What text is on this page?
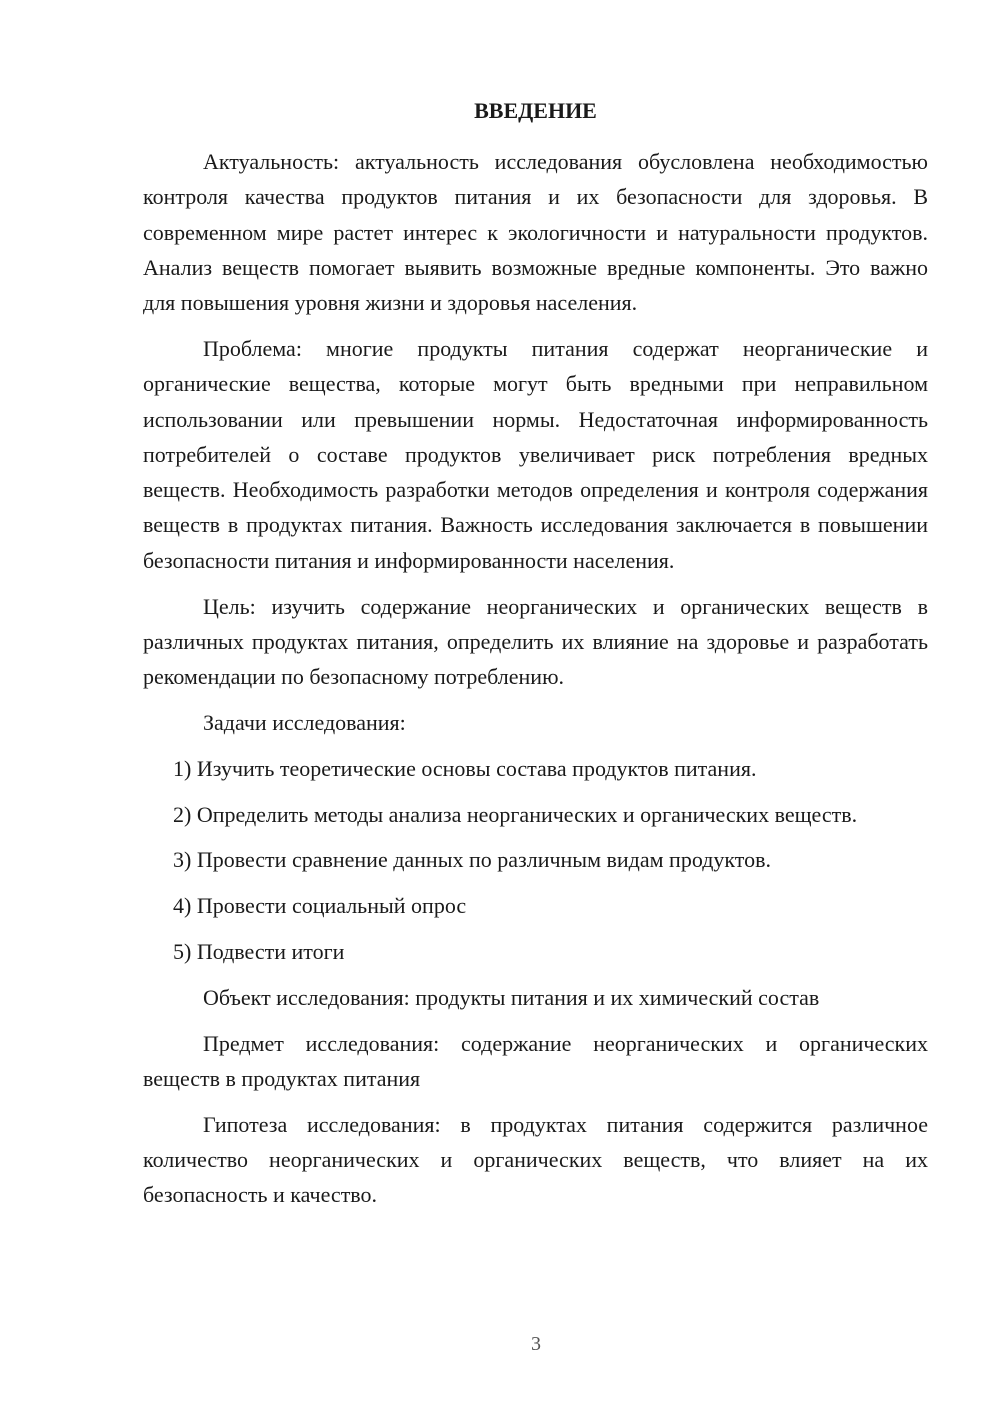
ВВЕДЕНИЕ

Актуальность: актуальность исследования обусловлена необходимостью контроля качества продуктов питания и их безопасности для здоровья. В современном мире растет интерес к экологичности и натуральности продуктов. Анализ веществ помогает выявить возможные вредные компоненты. Это важно для повышения уровня жизни и здоровья населения.

Проблема: многие продукты питания содержат неорганические и органические вещества, которые могут быть вредными при неправильном использовании или превышении нормы. Недостаточная информированность потребителей о составе продуктов увеличивает риск потребления вредных веществ. Необходимость разработки методов определения и контроля содержания веществ в продуктах питания. Важность исследования заключается в повышении безопасности питания и информированности населения.

Цель: изучить содержание неорганических и органических веществ в различных продуктах питания, определить их влияние на здоровье и разработать рекомендации по безопасному потреблению.

Задачи исследования:

1) Изучить теоретические основы состава продуктов питания.

2) Определить методы анализа неорганических и органических веществ.

3) Провести сравнение данных по различным видам продуктов.

4) Провести социальный опрос

5) Подвести итоги

Объект исследования: продукты питания и их химический состав

Предмет исследования: содержание неорганических и органических веществ в продуктах питания

Гипотеза исследования: в продуктах питания содержится различное количество неорганических и органических веществ, что влияет на их безопасность и качество.

3
